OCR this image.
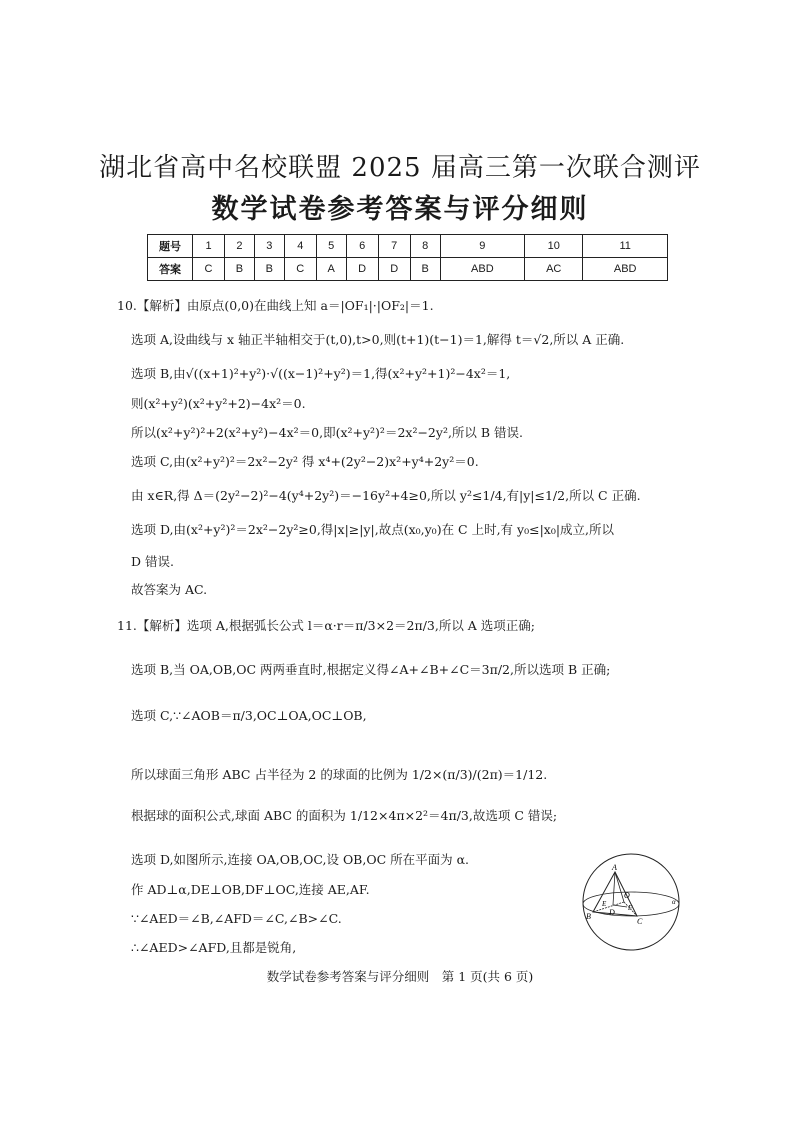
湖北省高中名校联盟 2025 届高三第一次联合测评
数学试卷参考答案与评分细则
题号	1	2	3	4	5	6	7	8	9	10	11
答案	C	B	B	C	A	D	D	B	ABD	AC	ABD
10.【解析】由原点(0,0)在曲线上知 a＝|OF₁|·|OF₂|＝1.
选项 A,设曲线与 x 轴正半轴相交于(t,0),t>0,则(t+1)(t−1)＝1,解得 t＝√2,所以 A 正确.
选项 B,由√((x+1)²+y²)·√((x−1)²+y²)＝1,得(x²+y²+1)²−4x²＝1,
则(x²+y²)(x²+y²+2)−4x²＝0.
所以(x²+y²)²+2(x²+y²)−4x²＝0,即(x²+y²)²＝2x²−2y²,所以 B 错误.
选项 C,由(x²+y²)²＝2x²−2y² 得 x⁴+(2y²−2)x²+y⁴+2y²＝0.
由 x∈R,得 Δ＝(2y²−2)²−4(y⁴+2y²)＝−16y²+4≥0,所以 y²≤1/4,有|y|≤1/2,所以 C 正确.
选项 D,由(x²+y²)²＝2x²−2y²≥0,得|x|≥|y|,故点(x₀,y₀)在 C 上时,有 y₀≤|x₀|成立,所以
D 错误.
故答案为 AC.
11.【解析】选项 A,根据弧长公式 l＝α·r＝π/3×2＝2π/3,所以 A 选项正确;
选项 B,当 OA,OB,OC 两两垂直时,根据定义得∠A+∠B+∠C＝3π/2,所以选项 B 正确;
选项 C,∵∠AOB＝π/3,OC⊥OA,OC⊥OB,
所以球面三角形 ABC 占半径为 2 的球面的比例为 1/2×(π/3)/(2π)＝1/12.
根据球的面积公式,球面 ABC 的面积为 1/12×4π×2²＝4π/3,故选项 C 错误;
选项 D,如图所示,连接 OA,OB,OC,设 OB,OC 所在平面为 α.
作 AD⊥α,DE⊥OB,DF⊥OC,连接 AE,AF.
∵∠AED＝∠B,∠AFD＝∠C,∠B>∠C.
∴∠AED>∠AFD,且都是锐角,
A
O
B D
E	F
C
α
数学试卷参考答案与评分细则　第 1 页(共 6 页)
